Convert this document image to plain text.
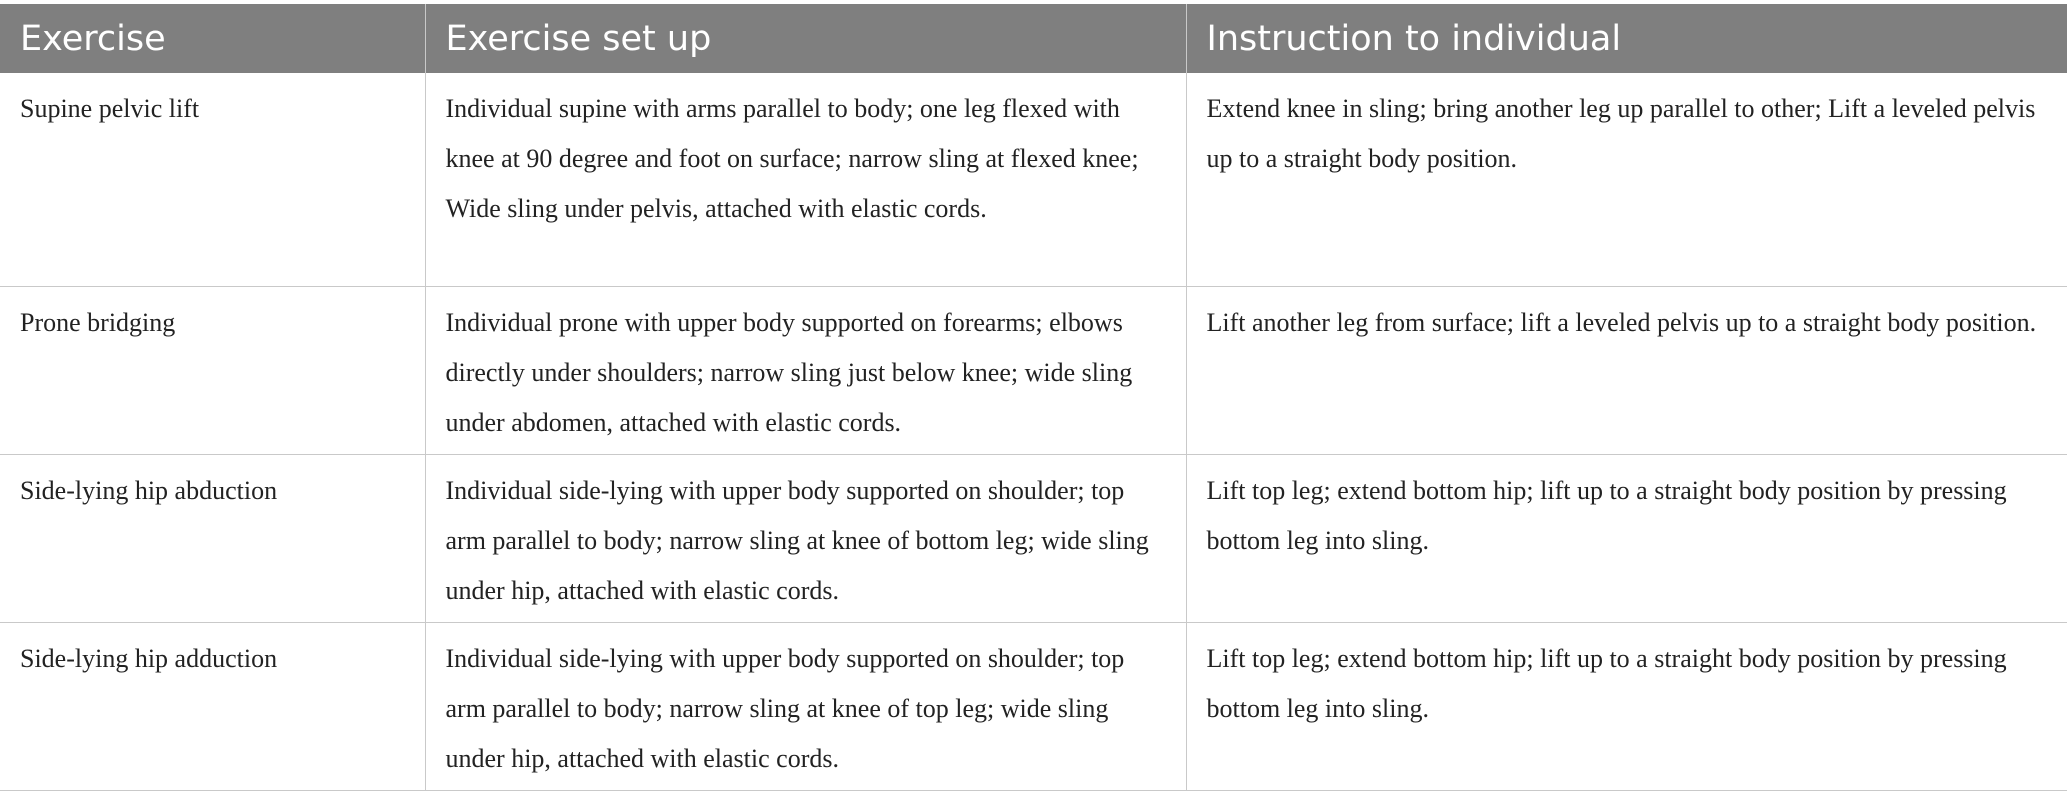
Exercise	Exercise set up	Instruction to individual
Supine pelvic lift	Individual supine with arms parallel to body; one leg flexed with knee at 90 degree and foot on surface; narrow sling at flexed knee; Wide sling under pelvis, attached with elastic cords.	Extend knee in sling; bring another leg up parallel to other; Lift a leveled pelvis up to a straight body position.
Prone bridging	Individual prone with upper body supported on forearms; elbows directly under shoulders; narrow sling just below knee; wide sling under abdomen, attached with elastic cords.	Lift another leg from surface; lift a leveled pelvis up to a straight body position.
Side-lying hip abduction	Individual side-lying with upper body supported on shoulder; top arm parallel to body; narrow sling at knee of bottom leg; wide sling under hip, attached with elastic cords.	Lift top leg; extend bottom hip; lift up to a straight body position by pressing bottom leg into sling.
Side-lying hip adduction	Individual side-lying with upper body supported on shoulder; top arm parallel to body; narrow sling at knee of top leg; wide sling under hip, attached with elastic cords.	Lift top leg; extend bottom hip; lift up to a straight body position by pressing bottom leg into sling.
